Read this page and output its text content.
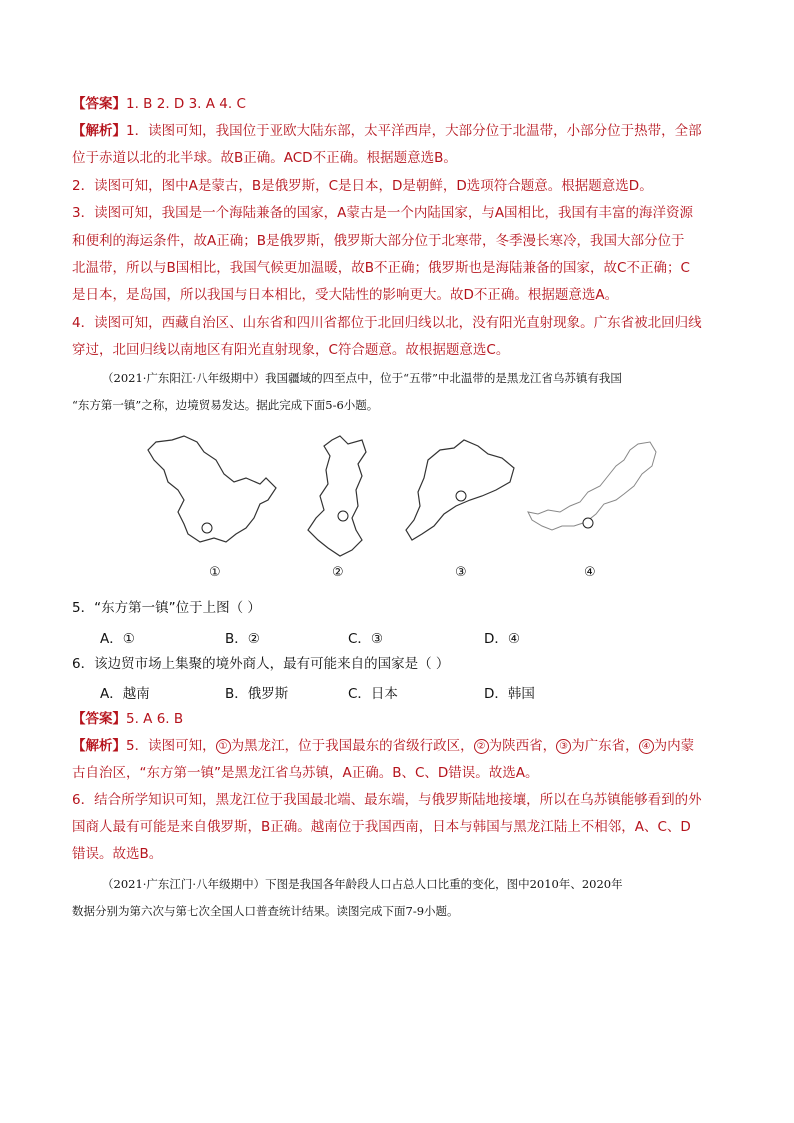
【答案】1. B 2. D 3. A 4. C
【解析】1．读图可知，我国位于亚欧大陆东部，太平洋西岸，大部分位于北温带，小部分位于热带，全部
位于赤道以北的北半球。故B正确。ACD不正确。根据题意选B。
2．读图可知，图中A是蒙古，B是俄罗斯，C是日本，D是朝鲜，D选项符合题意。根据题意选D。
3．读图可知，我国是一个海陆兼备的国家，A蒙古是一个内陆国家，与A国相比，我国有丰富的海洋资源
和便利的海运条件，故A正确；B是俄罗斯，俄罗斯大部分位于北寒带，冬季漫长寒冷，我国大部分位于
北温带，所以与B国相比，我国气候更加温暖，故B不正确；俄罗斯也是海陆兼备的国家，故C不正确；C
是日本，是岛国，所以我国与日本相比，受大陆性的影响更大。故D不正确。根据题意选A。
4．读图可知，西藏自治区、山东省和四川省都位于北回归线以北，没有阳光直射现象。广东省被北回归线
穿过，北回归线以南地区有阳光直射现象，C符合题意。故根据题意选C。
（2021·广东阳江·八年级期中）我国疆域的四至点中，位于“五带”中北温带的是黑龙江省乌苏镇有我国
“东方第一镇”之称，边境贸易发达。据此完成下面5-6小题。
①	②	③	④
5．“东方第一镇”位于上图（ ）
A．①	B．②	C．③	D．④
6．该边贸市场上集聚的境外商人，最有可能来自的国家是（ ）
A．越南	B．俄罗斯	C．日本	D．韩国
【答案】5. A 6. B
【解析】5．读图可知， ① 为黑龙江，位于我国最东的省级行政区， ② 为陕西省， ③ 为广东省， ④ 为内蒙
古自治区，“东方第一镇”是黑龙江省乌苏镇，A正确。B、C、D错误。故选A。
6．结合所学知识可知，黑龙江位于我国最北端、最东端，与俄罗斯陆地接壤，所以在乌苏镇能够看到的外
国商人最有可能是来自俄罗斯，B正确。越南位于我国西南，日本与韩国与黑龙江陆上不相邻，A、C、D
错误。故选B。
（2021·广东江门·八年级期中）下图是我国各年龄段人口占总人口比重的变化，图中2010年、2020年
数据分别为第六次与第七次全国人口普查统计结果。读图完成下面7-9小题。
